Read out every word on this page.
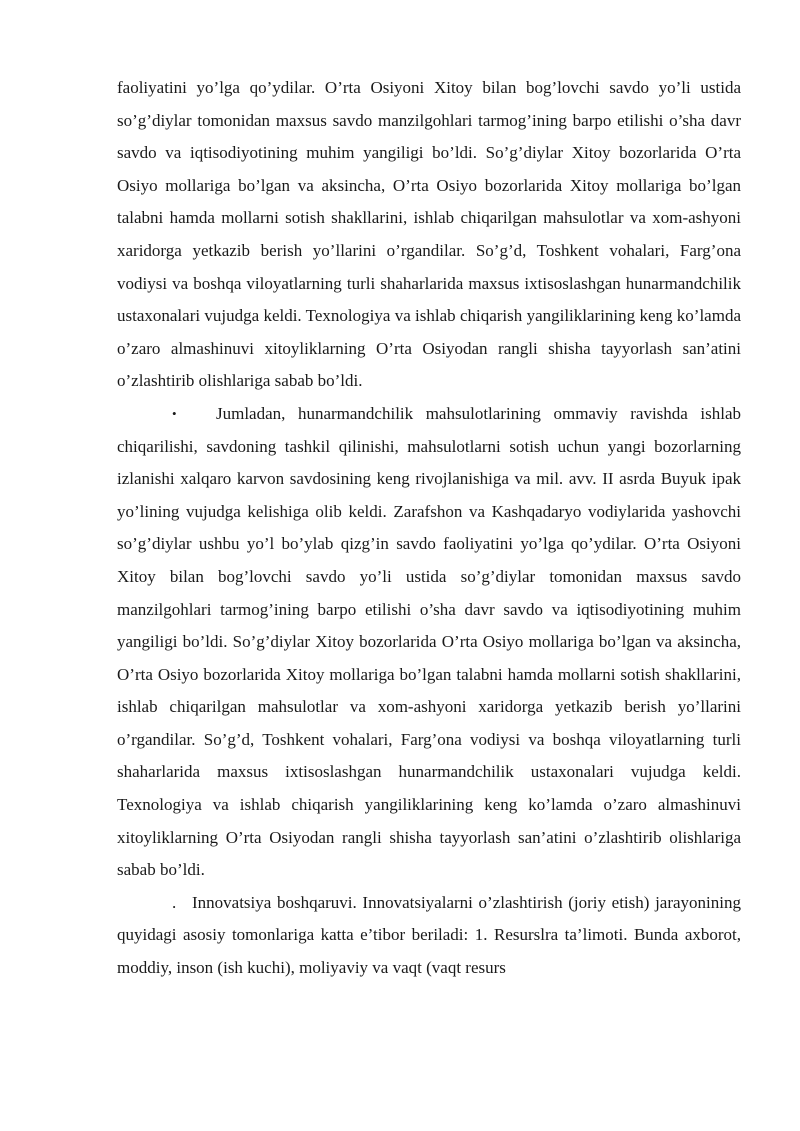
faoliyatini yo’lga qo’ydilar. O’rta Osiyoni Xitoy bilan bog’lovchi savdo yo’li ustida so’g’diylar tomonidan maxsus savdo manzilgohlari tarmog’ining barpo etilishi o’sha davr savdo va iqtisodiyotining muhim yangiligi bo’ldi. So’g’diylar Xitoy bozorlarida O’rta Osiyo mollariga bo’lgan va aksincha, O’rta Osiyo bozorlarida Xitoy mollariga bo’lgan talabni hamda mollarni sotish shakllarini, ishlab chiqarilgan mahsulotlar va xom-ashyoni xaridorga yetkazib berish yo’llarini o’rgandilar. So’g’d, Toshkent vohalari, Farg’ona vodiysi va boshqa viloyatlarning turli shaharlarida maxsus ixtisoslashgan hunarmandchilik ustaxonalari vujudga keldi. Texnologiya va ishlab chiqarish yangiliklarining keng ko’lamda o’zaro almashinuvi xitoyliklarning O’rta Osiyodan rangli shisha tayyorlash san’atini o’zlashtirib olishlariga sabab bo’ldi.

• Jumladan, hunarmandchilik mahsulotlarining ommaviy ravishda ishlab chiqarilishi, savdoning tashkil qilinishi, mahsulotlarni sotish uchun yangi bozorlarning izlanishi xalqaro karvon savdosining keng rivojlanishiga va mil. avv. II asrda Buyuk ipak yo’lining vujudga kelishiga olib keldi. Zarafshon va Kashqadaryo vodiylarida yashovchi so’g’diylar ushbu yo’l bo’ylab qizg’in savdo faoliyatini yo’lga qo’ydilar. O’rta Osiyoni Xitoy bilan bog’lovchi savdo yo’li ustida so’g’diylar tomonidan maxsus savdo manzilgohlari tarmog’ining barpo etilishi o’sha davr savdo va iqtisodiyotining muhim yangiligi bo’ldi. So’g’diylar Xitoy bozorlarida O’rta Osiyo mollariga bo’lgan va aksincha, O’rta Osiyo bozorlarida Xitoy mollariga bo’lgan talabni hamda mollarni sotish shakllarini, ishlab chiqarilgan mahsulotlar va xom-ashyoni xaridorga yetkazib berish yo’llarini o’rgandilar. So’g’d, Toshkent vohalari, Farg’ona vodiysi va boshqa viloyatlarning turli shaharlarida maxsus ixtisoslashgan hunarmandchilik ustaxonalari vujudga keldi. Texnologiya va ishlab chiqarish yangiliklarining keng ko’lamda o’zaro almashinuvi xitoyliklarning O’rta Osiyodan rangli shisha tayyorlash san’atini o’zlashtirib olishlariga sabab bo’ldi.

. Innovatsiya boshqaruvi. Innovatsiyalarni o’zlashtirish (joriy etish) jarayonining quyidagi asosiy tomonlariga katta e’tibor beriladi: 1. Resurslra ta’limoti. Bunda axborot, moddiy, inson (ish kuchi), moliyaviy va vaqt (vaqt resurs
